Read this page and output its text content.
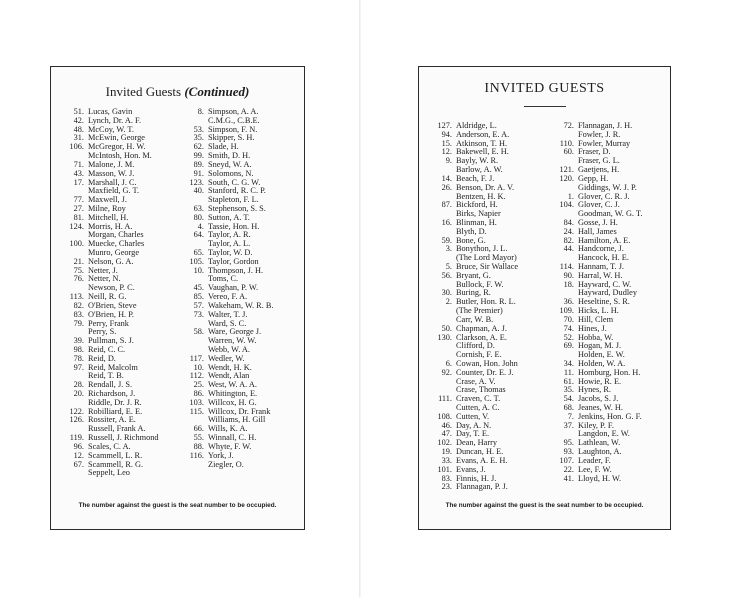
Invited Guests (Continued)
51. Lucas, Gavin
42. Lynch, Dr. A. F.
48. McCoy, W. T.
31. McEwin, George
106. McGregor, H. W.
McIntosh, Hon. M.
71. Malone, J. M.
43. Masson, W. J.
17. Marshall, J. C.
Maxfield, G. T.
77. Maxwell, J.
27. Milne, Roy
81. Mitchell, H.
124. Morris, H. A.
Morgan, Charles
100. Muecke, Charles
Munro, George
21. Nelson, G. A.
75. Netter, J.
76. Netter, N.
Newson, P. C.
113. Neill, R. G.
82. O'Brien, Steve
83. O'Brien, H. P.
79. Perry, Frank
Perry, S.
39. Pullman, S. J.
98. Reid, C. C.
78. Reid, D.
97. Reid, Malcolm
Reid, T. B.
28. Rendall, J. S.
20. Richardson, J.
Riddle, Dr. J. R.
122. Robilliard, E. E.
126. Rossiter, A. E.
Russell, Frank A.
119. Russell, J. Richmond
96. Scales, C. A.
12. Scammell, L. R.
67. Scammell, R. G.
Seppelt, Leo
8. Simpson, A. A.
C.M.G., C.B.E.
53. Simpson, F. N.
35. Skipper, S. H.
62. Slade, H.
99. Smith, D. H.
89. Sneyd, W. A.
91. Solomons, N.
123. South, C. G. W.
40. Stanford, R. C. P.
Stapleton, F. L.
63. Stephenson, S. S.
80. Sutton, A. T.
4. Tassie, Hon. H.
64. Taylor, A. R.
Taylor, A. L.
65. Taylor, W. D.
105. Taylor, Gordon
10. Thompson, J. H.
Toms, C.
45. Vaughan, P. W.
85. Vereo, F. A.
57. Wakeham, W. R. B.
73. Walter, T. J.
Ward, S. C.
58. Ware, George J.
Warren, W. W.
Webb, W. A.
117. Wedler, W.
10. Wendt, H. K.
112. Wendt, Alan
25. West, W. A. A.
86. Whitington, E.
103. Willcox, H. G.
115. Willcox, Dr. Frank
Williams, H. Gill
66. Wills, K. A.
55. Winnall, C. H.
88. Whyte, F. W.
116. York, J.
Ziegler, O.
The number against the guest is the seat number to be occupied.
INVITED GUESTS
127. Aldridge, L.
94. Anderson, E. A.
15. Atkinson, T. H.
12. Bakewell, E. H.
9. Bayly, W. R.
Barlow, A. W.
14. Beach, F. J.
26. Benson, Dr. A. V.
Bentzen, H. K.
87. Bickford, H.
Birks, Napier
16. Blinman, H.
Blyth, D.
59. Bone, G.
3. Bonython, J. L.
(The Lord Mayor)
5. Bruce, Sir Wallace
56. Bryant, G.
Bullock, F. W.
30. Buring, R.
2. Butler, Hon. R. L.
(The Premier)
Carr, W. B.
50. Chapman, A. J.
130. Clarkson, A. E.
Clifford, D.
Cornish, F. E.
6. Cowan, Hon. John
92. Counter, Dr. E. J.
Crase, A. V.
Crase, Thomas
111. Craven, C. T.
Cutten, A. C.
108. Cutten, V.
46. Day, A. N.
47. Day, T. E.
102. Dean, Harry
19. Duncan, H. E.
33. Evans, A. E. H.
101. Evans, J.
83. Finnis, H. J.
23. Flannagan, P. J.
72. Flannagan, J. H.
Fowler, J. R.
110. Fowler, Murray
60. Fraser, D.
Fraser, G. L.
121. Gaetjens, H.
120. Gepp, H.
Giddings, W. J. P.
1. Glover, C. R. J.
104. Glover, C. J.
Goodman, W. G. T.
84. Gosse, J. H.
24. Hall, James
82. Hamilton, A. E.
44. Handcorne, J.
Hancock, H. E.
114. Hannam, T. J.
90. Harral, W. H.
18. Hayward, C. W.
Hayward, Dudley
36. Heseltine, S. R.
109. Hicks, L. H.
70. Hill, Clem
74. Hines, J.
52. Hobba, W.
69. Hogan, M. J.
Holden, E. W.
34. Holden, W. A.
11. Homburg, Hon. H.
61. Howie, R. E.
35. Hynes, R.
54. Jacobs, S. J.
68. Jeanes, W. H.
7. Jenkins, Hon. G. F.
37. Kiley, P. F.
Langdon, E. W.
95. Lathlean, W.
93. Laughton, A.
107. Leader, F.
22. Lee, F. W.
41. Lloyd, H. W.
The number against the guest is the seat number to be occupied.
